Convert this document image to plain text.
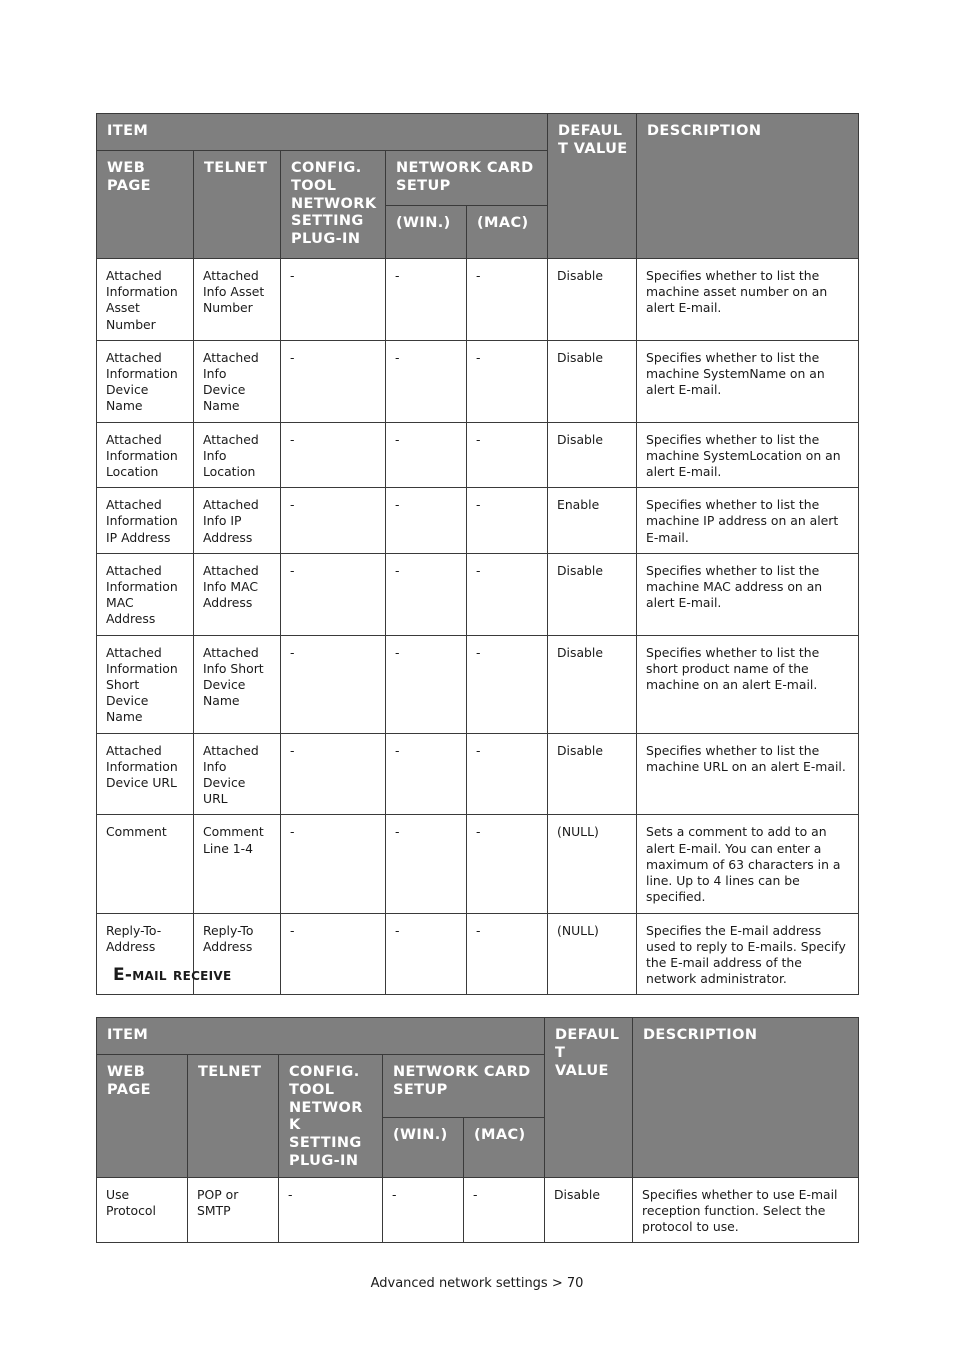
ITEM					DEFAUL T VALUE	DESCRIPTION
WEB PAGE	TELNET	CONFIG. TOOL NETWORK SETTING PLUG-IN	NETWORK CARD SETUP			
			(WIN.)	(MAC)		
Attached Information Asset Number	Attached Info Asset Number	-	-	-	Disable	Specifies whether to list the machine asset number on an alert E-mail.
Attached Information Device Name	Attached Info Device Name	-	-	-	Disable	Specifies whether to list the machine SystemName on an alert E-mail.
Attached Information Location	Attached Info Location	-	-	-	Disable	Specifies whether to list the machine SystemLocation on an alert E-mail.
Attached Information IP Address	Attached Info IP Address	-	-	-	Enable	Specifies whether to list the machine IP address on an alert E-mail.
Attached Information MAC Address	Attached Info MAC Address	-	-	-	Disable	Specifies whether to list the machine MAC address on an alert E-mail.
Attached Information Short Device Name	Attached Info Short Device Name	-	-	-	Disable	Specifies whether to list the short product name of the machine on an alert E-mail.
Attached Information Device URL	Attached Info Device URL	-	-	-	Disable	Specifies whether to list the machine URL on an alert E-mail.
Comment	Comment Line 1-4	-	-	-	(NULL)	Sets a comment to add to an alert E-mail. You can enter a maximum of 63 characters in a line. Up to 4 lines can be specified.
Reply-To-Address	Reply-To Address	-	-	-	(NULL)	Specifies the E-mail address used to reply to E-mails. Specify the E-mail address of the network administrator.
E-mail receive
ITEM					DEFAUL T VALUE	DESCRIPTION
WEB PAGE	TELNET	CONFIG. TOOL NETWORK SETTING PLUG-IN	NETWORK CARD SETUP			
			(WIN.)	(MAC)		
Use Protocol	POP or SMTP	-	-	-	Disable	Specifies whether to use E-mail reception function. Select the protocol to use.
Advanced network settings > 70
